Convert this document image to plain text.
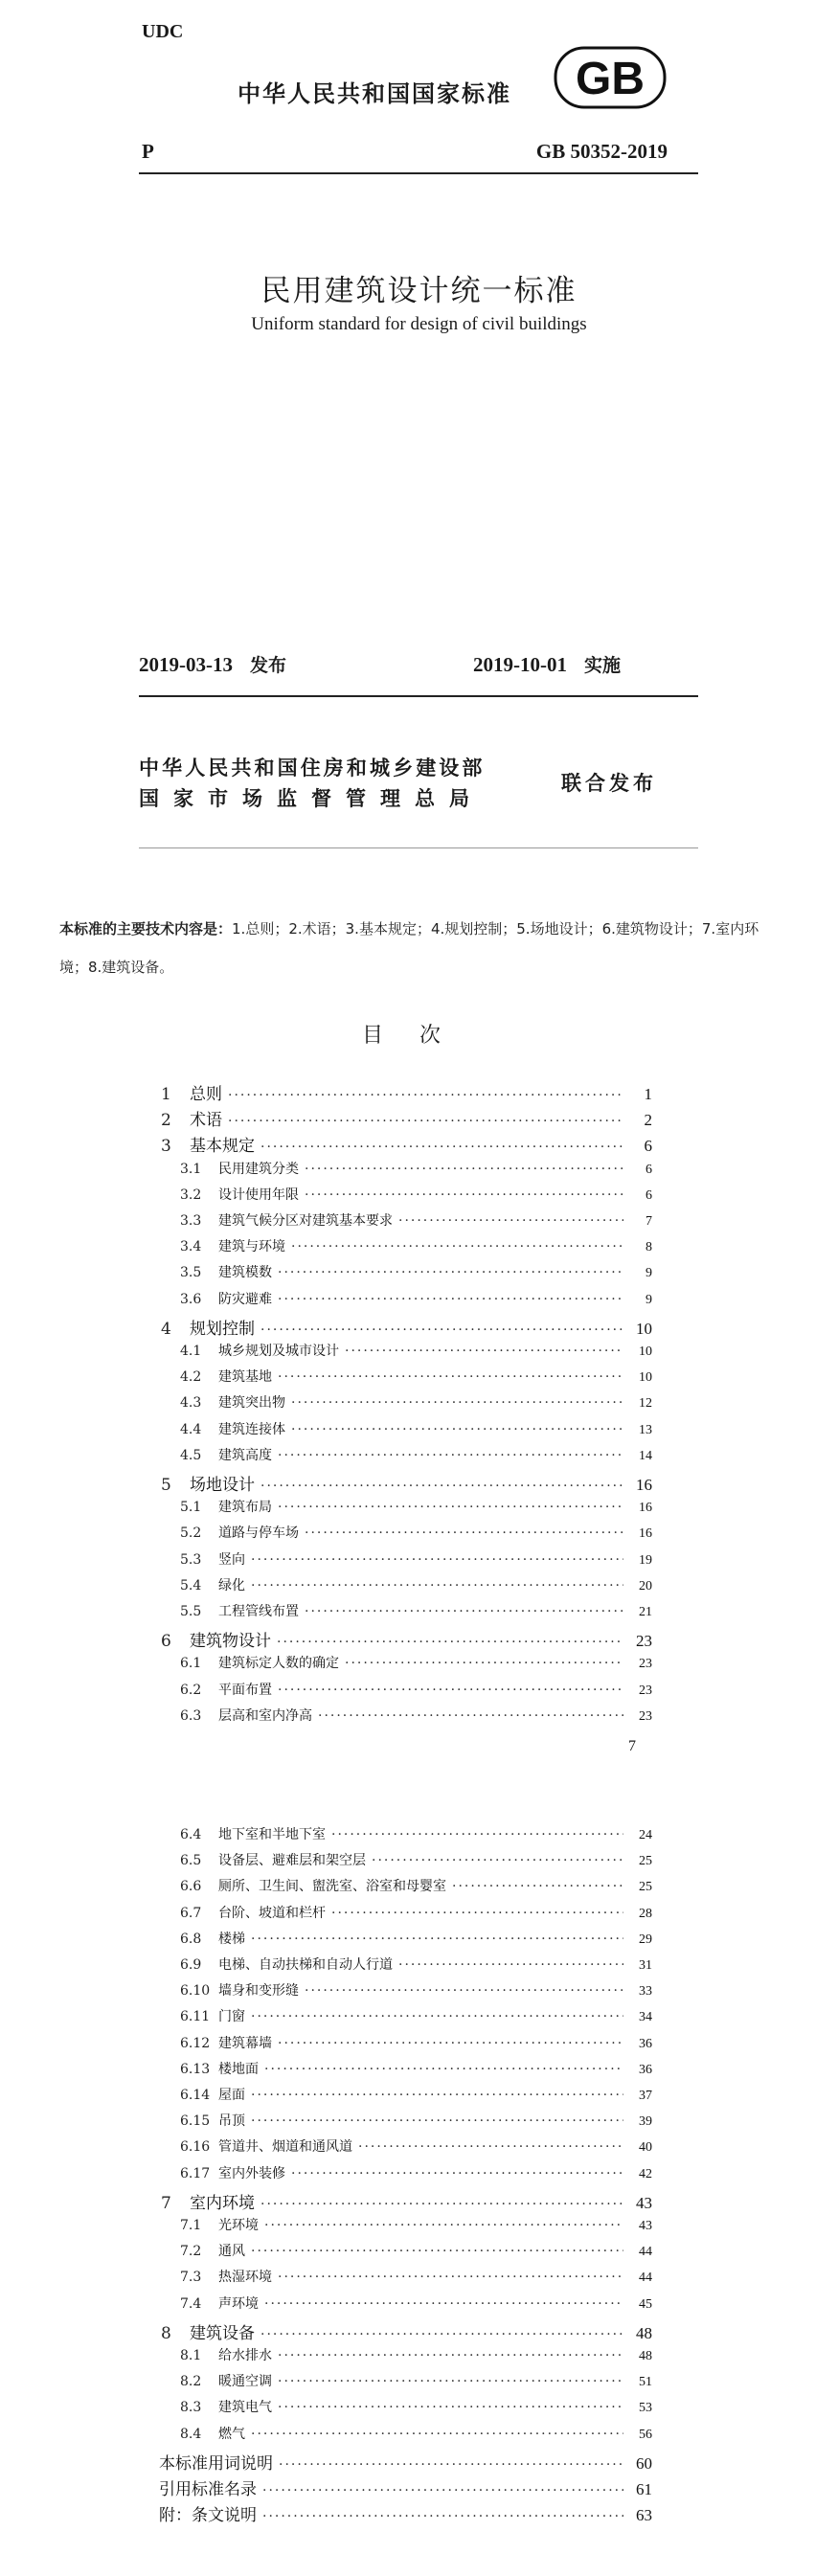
UDC
中华人民共和国国家标准 GB
P	GB 50352-2019
民用建筑设计统一标准
Uniform standard for design of civil buildings
2019-03-13 发布	2019-10-01 实施
中华人民共和国住房和城乡建设部
国家市场监督管理总局
联合发布
本标准的主要技术内容是：1.总则；2.术语；3.基本规定；4.规划控制；5.场地设计；6.建筑物设计；7.室内环境；8.建筑设备。
目次
1	总则 ·····	1
2	术语 ·····	2
3	基本规定 ·····	6
3.1	民用建筑分类 ·····	6
3.2	设计使用年限 ·····	6
3.3	建筑气候分区对建筑基本要求 ·····	7
3.4	建筑与环境 ·····	8
3.5	建筑模数 ·····	9
3.6	防灾避难 ·····	9
4	规划控制 ·····	10
4.1	城乡规划及城市设计 ·····	10
4.2	建筑基地 ·····	10
4.3	建筑突出物 ·····	12
4.4	建筑连接体 ·····	13
4.5	建筑高度 ·····	14
5	场地设计 ·····	16
5.1	建筑布局 ·····	16
5.2	道路与停车场 ·····	16
5.3	竖向 ·····	19
5.4	绿化 ·····	20
5.5	工程管线布置 ·····	21
6	建筑物设计 ·····	23
6.1	建筑标定人数的确定 ·····	23
6.2	平面布置 ·····	23
6.3	层高和室内净高 ·····	23
6.4	地下室和半地下室 ·····	24
6.5	设备层、避难层和架空层 ·····	25
6.6	厕所、卫生间、盥洗室、浴室和母婴室 ·····	25
6.7	台阶、坡道和栏杆 ·····	28
6.8	楼梯 ·····	29
6.9	电梯、自动扶梯和自动人行道 ·····	31
6.10 墙身和变形缝 ·····	33
6.11 门窗 ·····	34
6.12 建筑幕墙 ·····	36
6.13 楼地面 ·····	36
6.14 屋面 ·····	37
6.15 吊顶 ·····	39
6.16 管道井、烟道和通风道 ·····	40
6.17 室内外装修 ·····	42
7	室内环境 ·····	43
7.1	光环境 ·····	43
7.2	通风 ·····	44
7.3	热湿环境 ·····	44
7.4	声环境 ·····	45
8	建筑设备 ·····	48
8.1	给水排水 ·····	48
8.2	暖通空调 ·····	51
8.3	建筑电气 ·····	53
8.4	燃气 ·····	56
本标准用词说明 ·····	60
引用标准名录 ·····	61
附：条文说明 ·····	63
7
